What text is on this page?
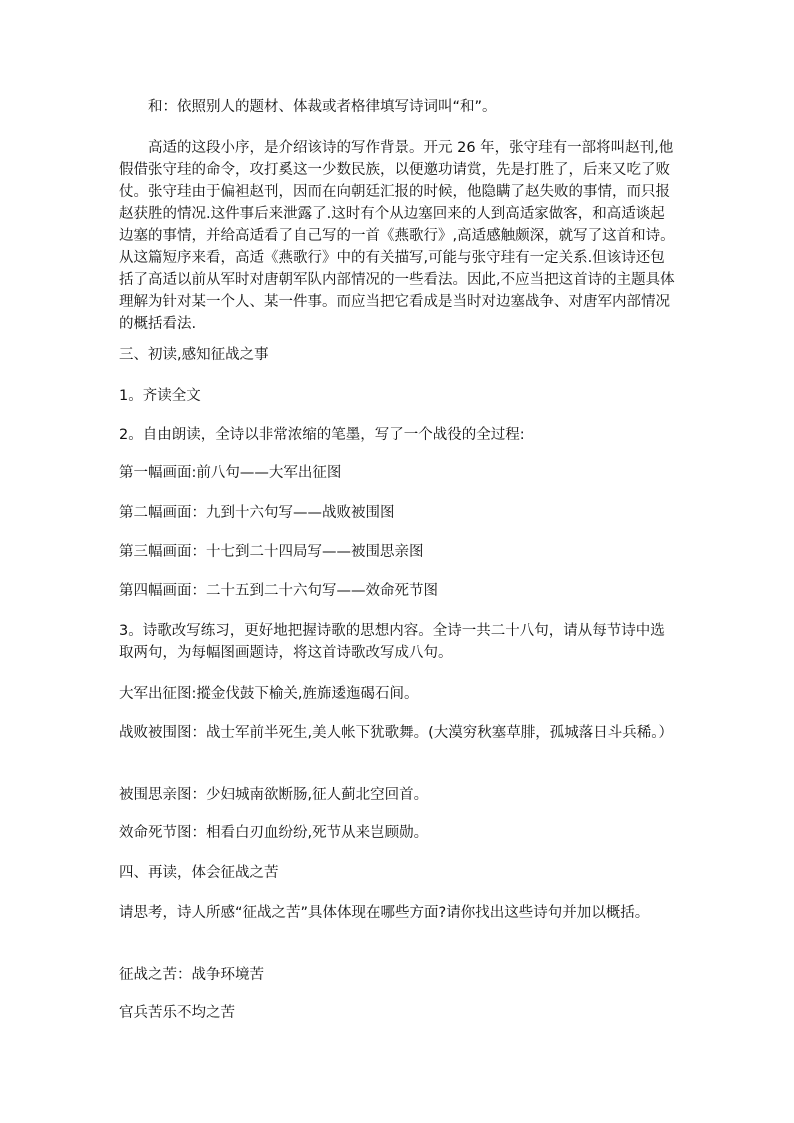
和：依照别人的题材、体裁或者格律填写诗词叫“和”。

高适的这段小序，是介绍该诗的写作背景。开元 26 年，张守珪有一部将叫赵刊,他假借张守珪的命令，攻打奚这一少数民族，以便邀功请赏，先是打胜了，后来又吃了败仗。张守珪由于偏袒赵刊，因而在向朝廷汇报的时候，他隐瞒了赵失败的事情，而只报赵获胜的情况.这件事后来泄露了.这时有个从边塞回来的人到高适家做客，和高适谈起边塞的事情，并给高适看了自己写的一首《燕歌行》,高适感触颇深，就写了这首和诗。从这篇短序来看，高适《燕歌行》中的有关描写,可能与张守珪有一定关系.但该诗还包括了高适以前从军时对唐朝军队内部情况的一些看法。因此,不应当把这首诗的主题具体理解为针对某一个人、某一件事。而应当把它看成是当时对边塞战争、对唐军内部情况的概括看法.

三、初读,感知征战之事

1。齐读全文

2。自由朗读，全诗以非常浓缩的笔墨，写了一个战役的全过程:

第一幅画面:前八句——大军出征图

第二幅画面：九到十六句写——战败被围图

第三幅画面：十七到二十四局写——被围思亲图

第四幅画面：二十五到二十六句写——效命死节图

3。诗歌改写练习，更好地把握诗歌的思想内容。全诗一共二十八句，请从每节诗中选取两句，为每幅图画题诗，将这首诗歌改写成八句。

大军出征图:摐金伐鼓下榆关,旌旆逶迤碣石间。

战败被围图：战士军前半死生,美人帐下犹歌舞。(大漠穷秋塞草腓，孤城落日斗兵稀。）

被围思亲图：少妇城南欲断肠,征人蓟北空回首。

效命死节图：相看白刃血纷纷,死节从来岂顾勋。

四、再读，体会征战之苦

请思考，诗人所感“征战之苦”具体体现在哪些方面?请你找出这些诗句并加以概括。

征战之苦：战争环境苦

官兵苦乐不均之苦
